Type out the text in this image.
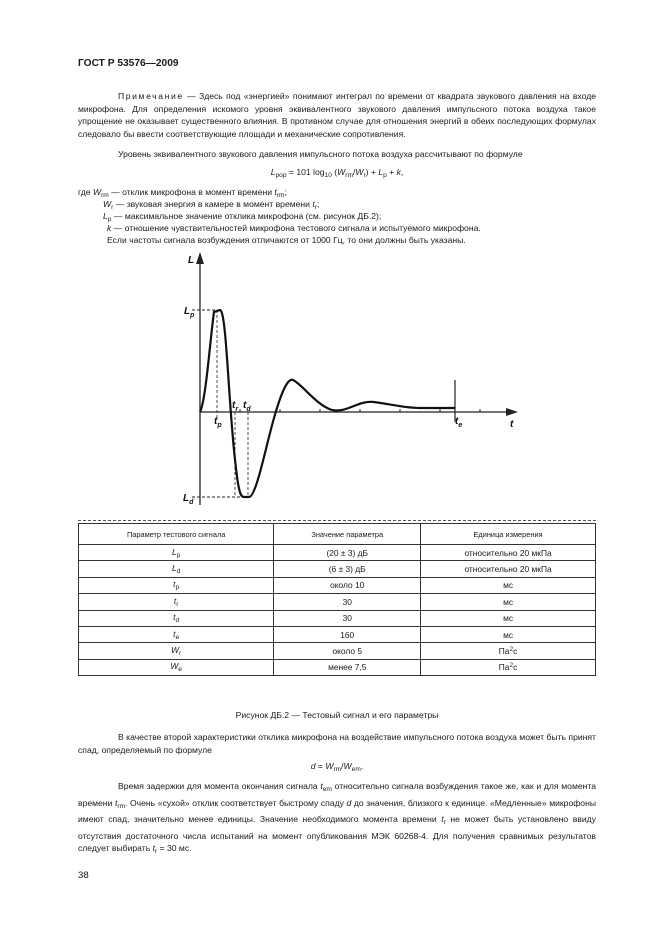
ГОСТ Р 53576—2009
Примечание — Здесь под «энергией» понимают интеграл по времени от квадрата звукового давления на входе микрофона. Для определения искомого уровня эквивалентного звукового давления импульсного потока воздуха такое упрощение не оказывает существенного влияния. В противном случае для отношения энергий в обеих последующих формулах следовало бы ввести соответствующие площади и механические сопротивления.
Уровень эквивалентного звукового давления импульсного потока воздуха рассчитывают по формуле
$L_{pop} = 101$ $\log_{10} (W_{rm}/W_r) + L_p + k$,
где $W_{rm}$ — отклик микрофона в момент времени $t_{rm}$;
$W_r$ — звуковая энергия в камере в момент времени $t_r$;
$L_p$ — максимальное значение отклика микрофона (см. рисунок ДБ.2);
k — отношение чувствительностей микрофона тестового сигнала и испытуемого микрофона.
Если частоты сигнала возбуждения отличаются от 1000 Гц, то они должны быть указаны.
L
t
$L_p$
$L_d$
$t_p$
$t_r$ $t_d$
$t_e$
Параметр тестового сигнала	Значение параметра	Единица измерения
$L_p$	(20 ± 3) дБ	относительно 20 мкПа
$L_d$	(6 ± 3) дБ	относительно 20 мкПа
$t_p$	около 10	мс
$t_r$	30	мс
$t_d$	30	мс
$t_e$	160	мс
$W_r$	около 5	$Па^2с$
$W_e$	менее 7,5	$Па^2с$
Рисунок ДБ.2 — Тестовый сигнал и его параметры
В качестве второй характеристики отклика микрофона на воздействие импульсного потока воздуха может быть принят спад, определяемый по формуле
$d = W_{rm}/W_{em}$.
Время задержки для момента окончания сигнала $t_{em}$ относительно сигнала возбуждения такое же, как и для момента времени $t_{rm}$. Очень «сухой» отклик соответствует быстрому спаду d до значения, близкого к единице. «Медленные» микрофоны имеют спад, значительно менее единицы. Значение необходимого момента времени $t_r$ не может быть установлено ввиду отсутствия достаточного числа испытаний на момент опубликования МЭК 60268-4. Для получения сравнимых результатов следует выбирать $t_r = 30$ мс.
38
